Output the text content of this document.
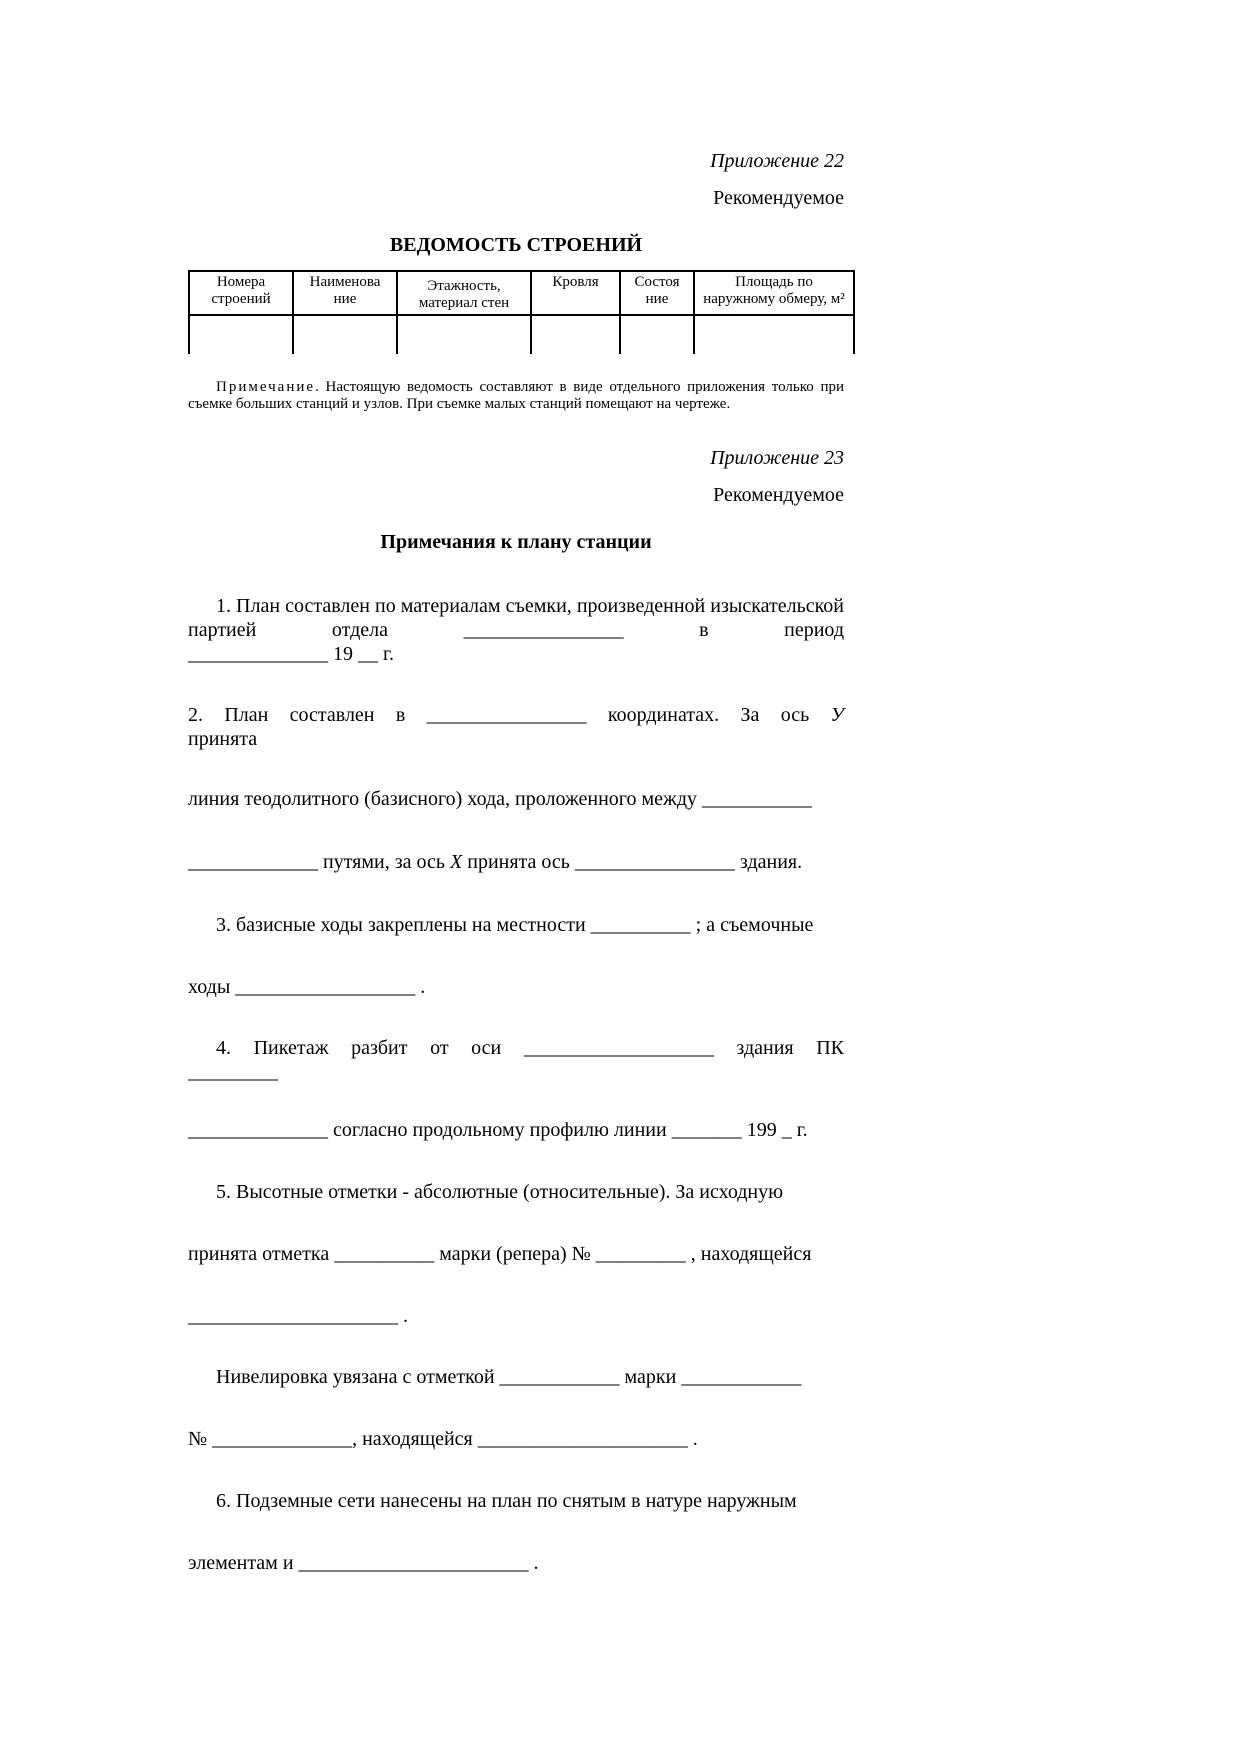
Приложение 22
Рекомендуемое
ВЕДОМОСТЬ СТРОЕНИЙ
Номера строений	Наименова ние	Этажность, материал стен	Кровля	Состоя ние	Площадь по наружному обмеру, м²

Примечание. Настоящую ведомость составляют в виде отдельного приложения только при съемке больших станций и узлов. При съемке малых станций помещают на чертеже.
Приложение 23
Рекомендуемое
Примечания к плану станции
1. План составлен по материалам съемки, произведенной изыскательской партией отдела ________________ в период
______________ 19 __ г.
2. План составлен в ________________ координатах. За ось У
принята
линия теодолитного (базисного) хода, проложенного между ___________
_____________ путями, за ось X принята ось ________________ здания.
3. базисные ходы закреплены на местности __________ ; а съемочные
ходы __________________ .
4. Пикетаж разбит от оси ___________________ здания ПК
_________
______________ согласно продольному профилю линии _______ 199 _ г.
5. Высотные отметки - абсолютные (относительные). За исходную
принята отметка __________ марки (репера) № _________ , находящейся
_____________________ .
Нивелировка увязана с отметкой ____________ марки ____________
№ ______________, находящейся _____________________ .
6. Подземные сети нанесены на план по снятым в натуре наружным
элементам и _______________________ .
